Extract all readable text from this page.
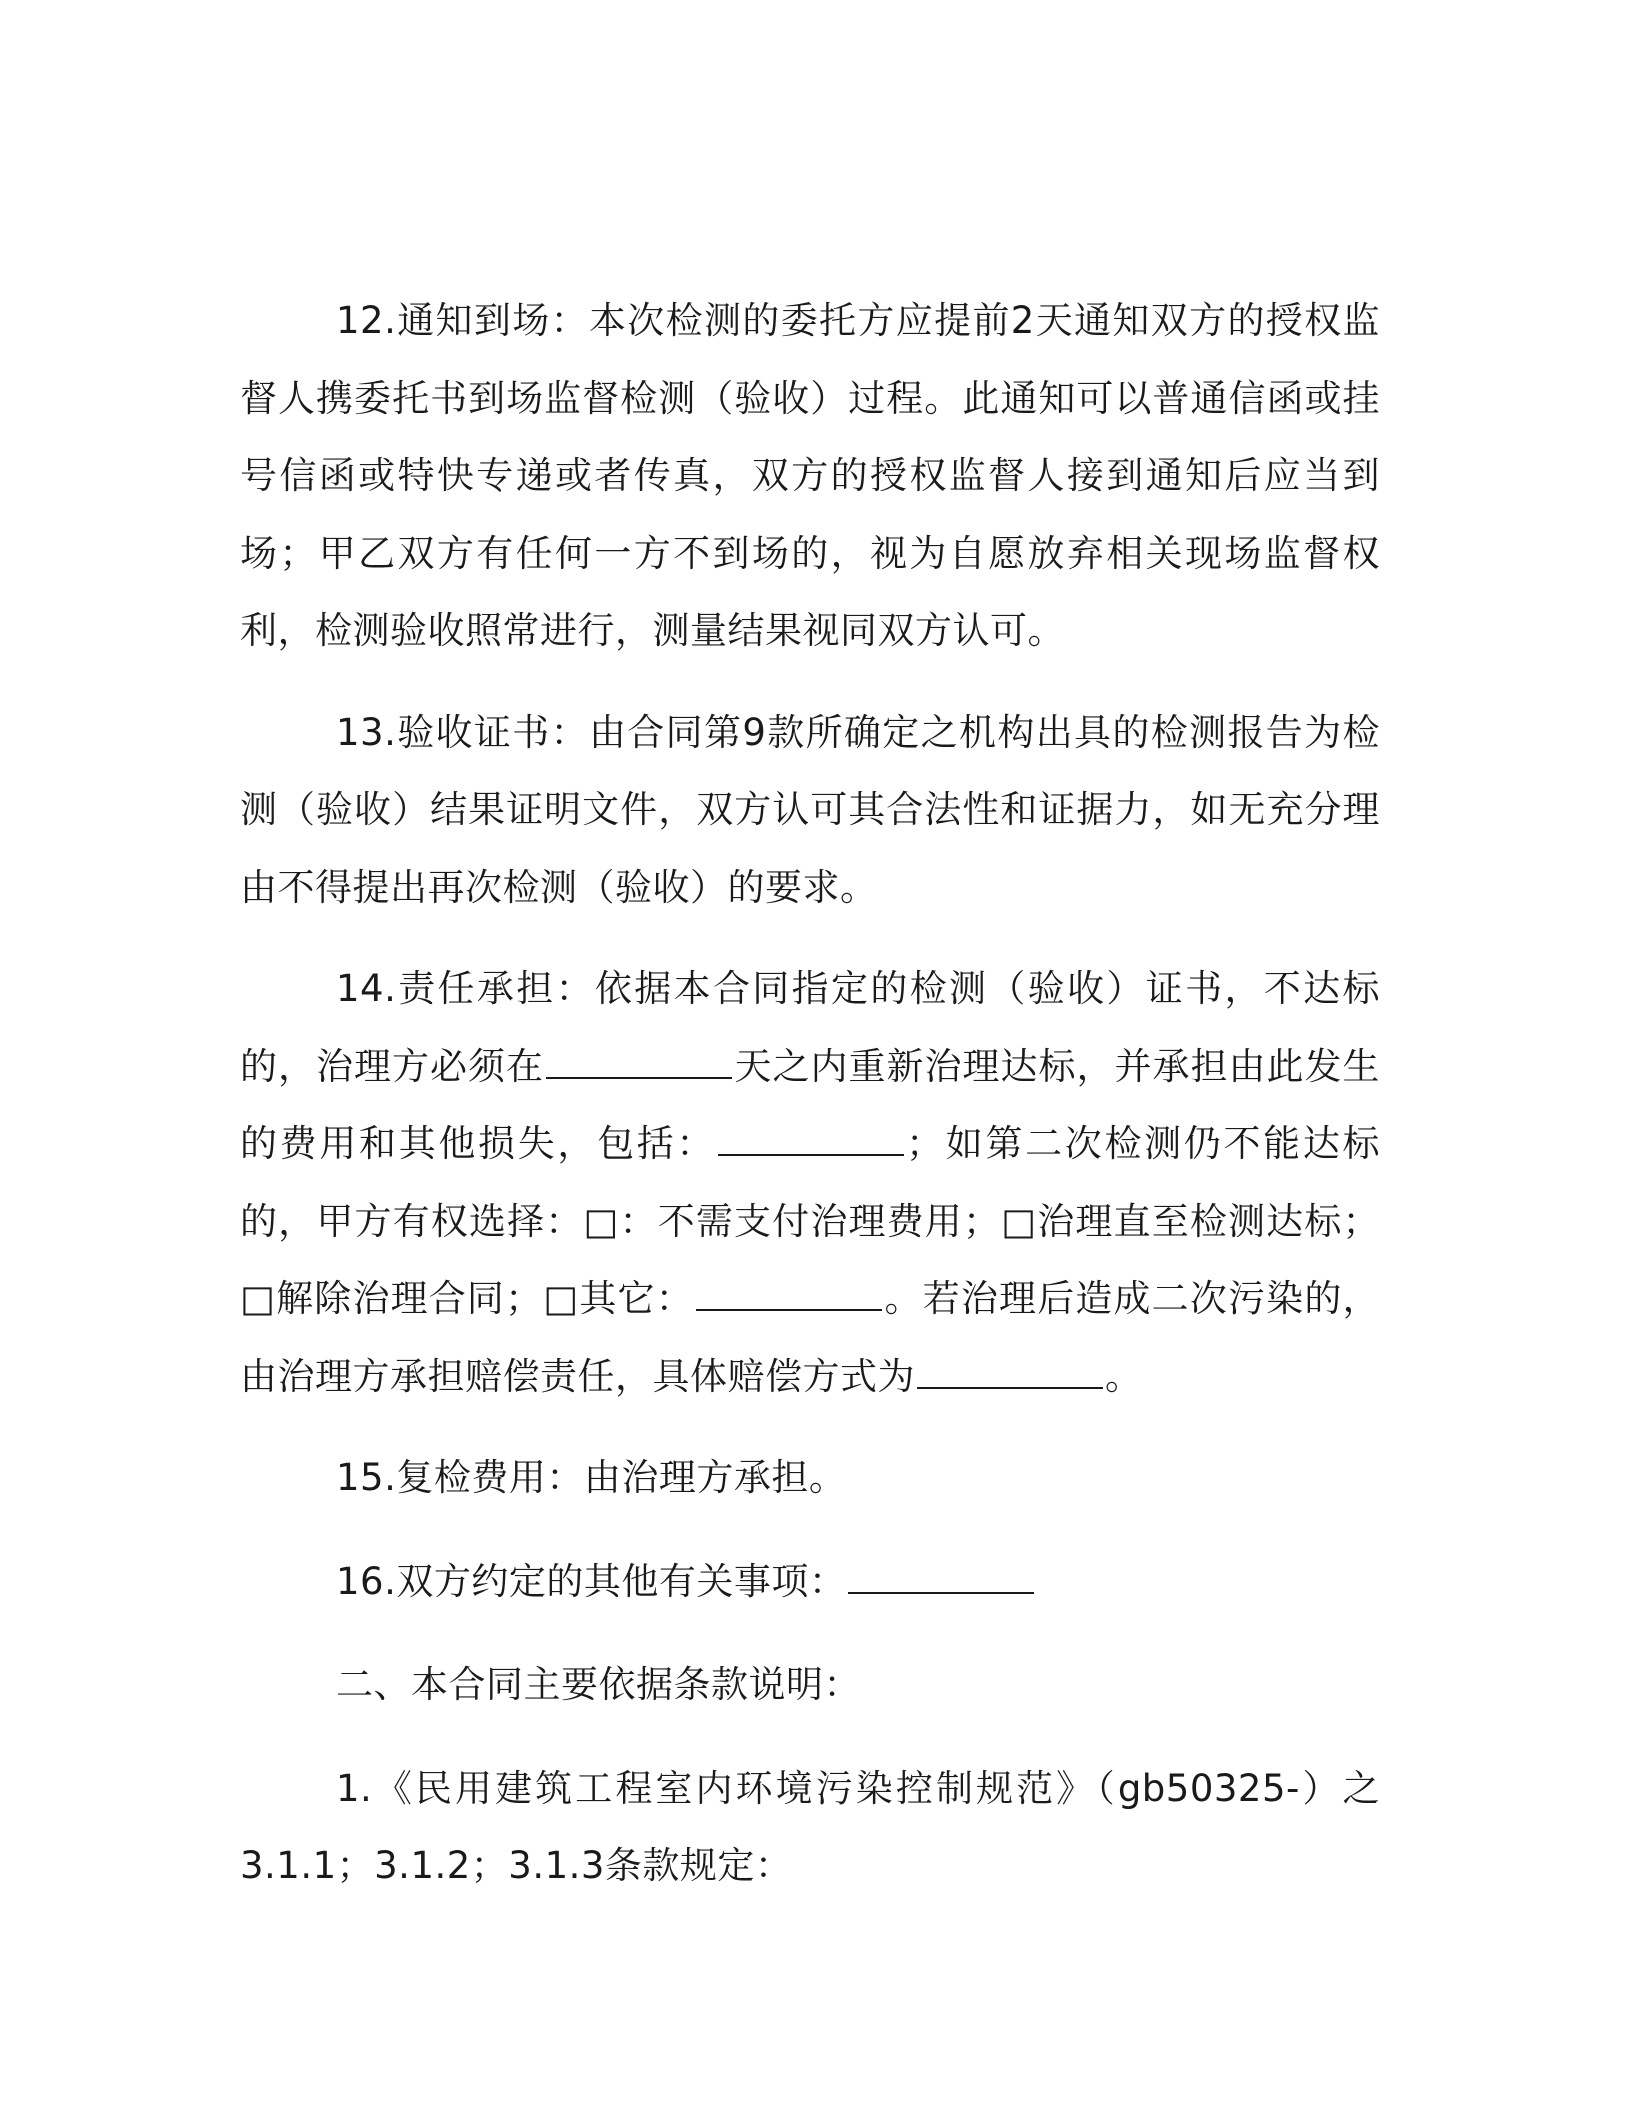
12.通知到场：本次检测的委托方应提前2天通知双方的授权监督人携委托书到场监督检测（验收）过程。此通知可以普通信函或挂号信函或特快专递或者传真，双方的授权监督人接到通知后应当到场；甲乙双方有任何一方不到场的，视为自愿放弃相关现场监督权利，检测验收照常进行，测量结果视同双方认可。

13.验收证书：由合同第9款所确定之机构出具的检测报告为检测（验收）结果证明文件，双方认可其合法性和证据力，如无充分理由不得提出再次检测（验收）的要求。

14.责任承担：依据本合同指定的检测（验收）证书，不达标的，治理方必须在	天之内重新治理达标，并承担由此发生的费用和其他损失，包括：	；如第二次检测仍不能达标的，甲方有权选择：□：不需支付治理费用；□治理直至检测达标；□解除治理合同；□其它：	。若治理后造成二次污染的，由治理方承担赔偿责任，具体赔偿方式为	。

15.复检费用：由治理方承担。

16.双方约定的其他有关事项：

二、本合同主要依据条款说明：

1.《民用建筑工程室内环境污染控制规范》（gb50325-）之3.1.1；3.1.2；3.1.3条款规定：
